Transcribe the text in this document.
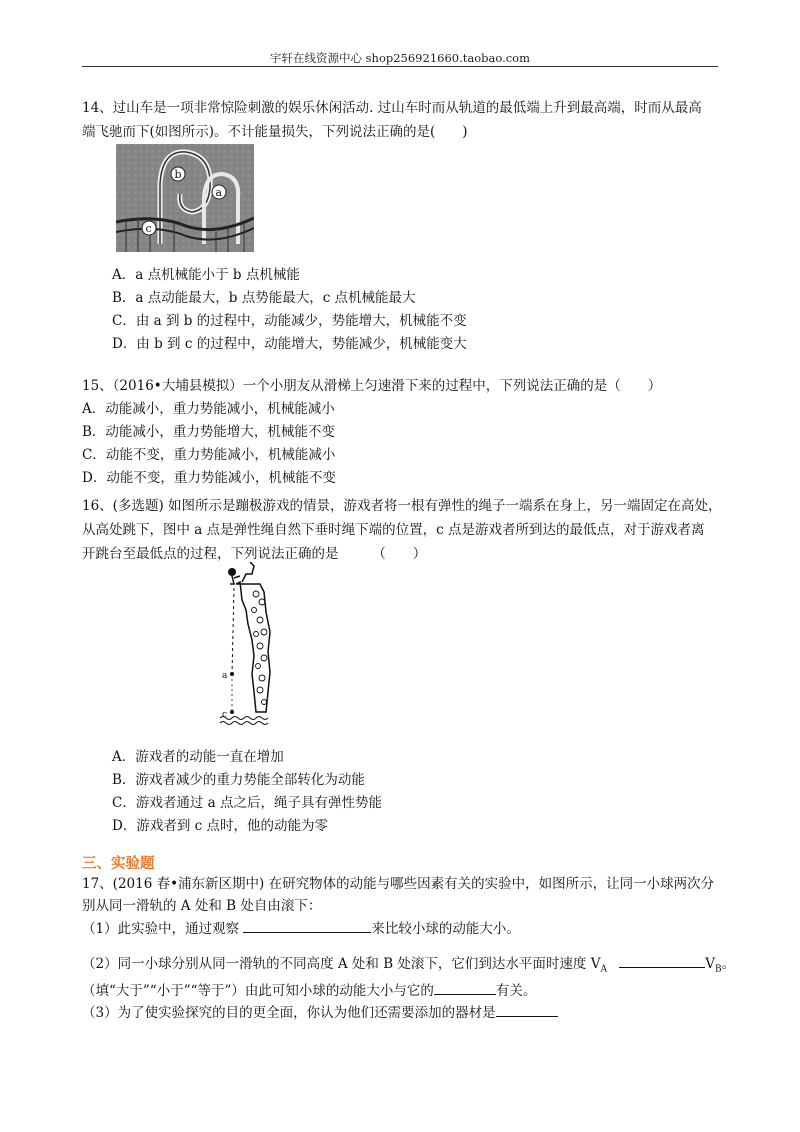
宇轩在线资源中心 shop256921660.taobao.com
14、过山车是一项非常惊险刺激的娱乐休闲活动. 过山车时而从轨道的最低端上升到最高端，时而从最高
端飞驰而下(如图所示)。不计能量损失，下列说法正确的是(　　)
c
b
a
A．a 点机械能小于 b 点机械能
B．a 点动能最大，b 点势能最大，c 点机械能最大
C．由 a 到 b 的过程中，动能减少，势能增大，机械能不变
D．由 b 到 c 的过程中，动能增大，势能减少，机械能变大
15、（2016•大埔县模拟）一个小朋友从滑梯上匀速滑下来的过程中，下列说法正确的是（　　）
A．动能减小，重力势能减小，机械能减小
B．动能减小，重力势能增大，机械能不变
C．动能不变，重力势能减小，机械能减小
D．动能不变，重力势能减小，机械能不变
16、(多选题) 如图所示是蹦极游戏的情景，游戏者将一根有弹性的绳子一端系在身上，另一端固定在高处，
从高处跳下，图中 a 点是弹性绳自然下垂时绳下端的位置，c 点是游戏者所到达的最低点，对于游戏者离
开跳台至最低点的过程，下列说法正确的是　　　（　　）
a
c
A．游戏者的动能一直在增加
B．游戏者减少的重力势能全部转化为动能
C．游戏者通过 a 点之后，绳子具有弹性势能
D．游戏者到 c 点时，他的动能为零
三、实验题
17、(2016 春•浦东新区期中) 在研究物体的动能与哪些因素有关的实验中，如图所示，让同一小球两次分
别从同一滑轨的 A 处和 B 处自由滚下：
（1）此实验中，通过观察	来比较小球的动能大小。
（2）同一小球分别从同一滑轨的不同高度 A 处和 B 处滚下，它们到达水平面时速度 $V_A$	$V_B$。
（填“大于”“小于”“等于”）由此可知小球的动能大小与它的	有关。
（3）为了使实验探究的目的更全面，你认为他们还需要添加的器材是
